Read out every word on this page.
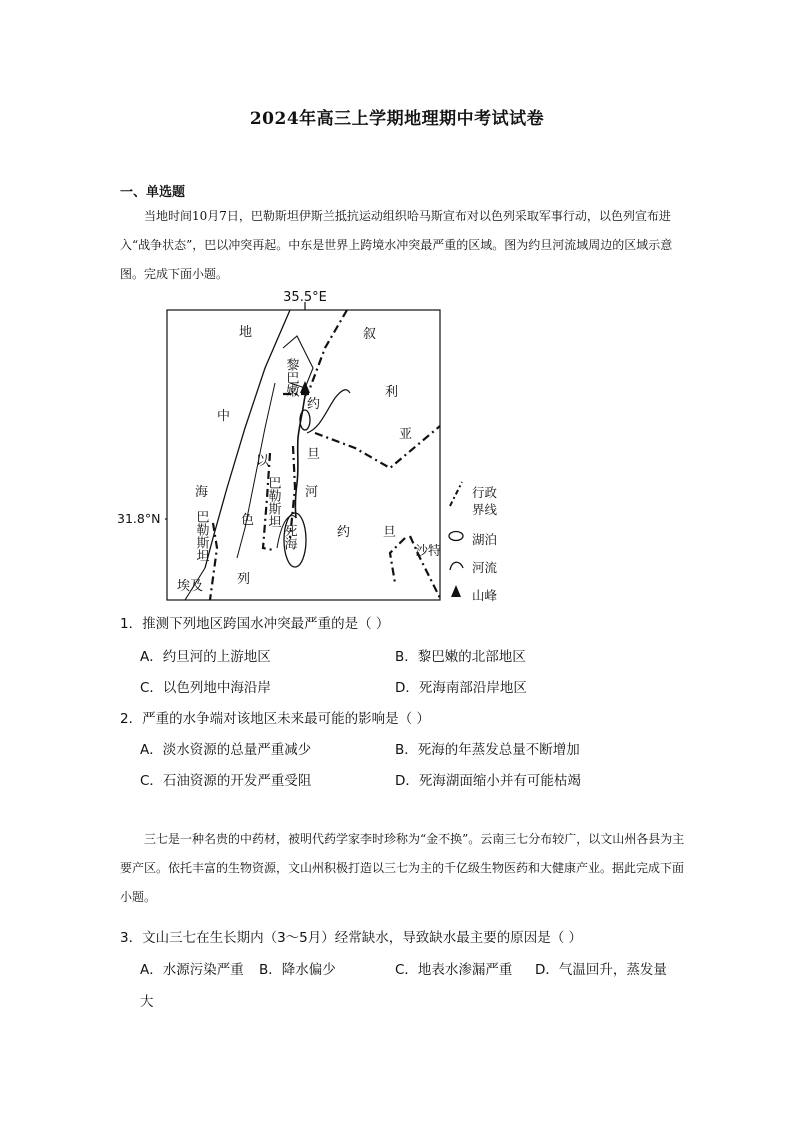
2024年高三上学期地理期中考试试卷
一、单选题
当地时间10月7日，巴勒斯坦伊斯兰抵抗运动组织哈马斯宣布对以色列采取军事行动，以色列宣布进入“战争状态”，巴以冲突再起。中东是世界上跨境水冲突最严重的区域。图为约旦河流域周边的区域示意图。完成下面小题。
35.5°E
地
中
海
叙
利
亚
黎巴嫩
约
旦
河
以
色
列
巴勒斯坦
巴勒斯坦	死海	约	旦
沙特
埃及
31.8°N
行政界线
湖泊
河流
山峰
1．推测下列地区跨国水冲突最严重的是（ ）
A．约旦河的上游地区	B．黎巴嫩的北部地区
C．以色列地中海沿岸	D．死海南部沿岸地区
2．严重的水争端对该地区未来最可能的影响是（ ）
A．淡水资源的总量严重减少	B．死海的年蒸发总量不断增加
C．石油资源的开发严重受阻	D．死海湖面缩小并有可能枯竭
三七是一种名贵的中药材，被明代药学家李时珍称为“金不换”。云南三七分布较广，以文山州各县为主要产区。依托丰富的生物资源，文山州积极打造以三七为主的千亿级生物医药和大健康产业。据此完成下面小题。
3．文山三七在生长期内（3～5月）经常缺水，导致缺水最主要的原因是（ ）
A．水源污染严重 B．降水偏少	C．地表水渗漏严重 D．气温回升，蒸发量
大
